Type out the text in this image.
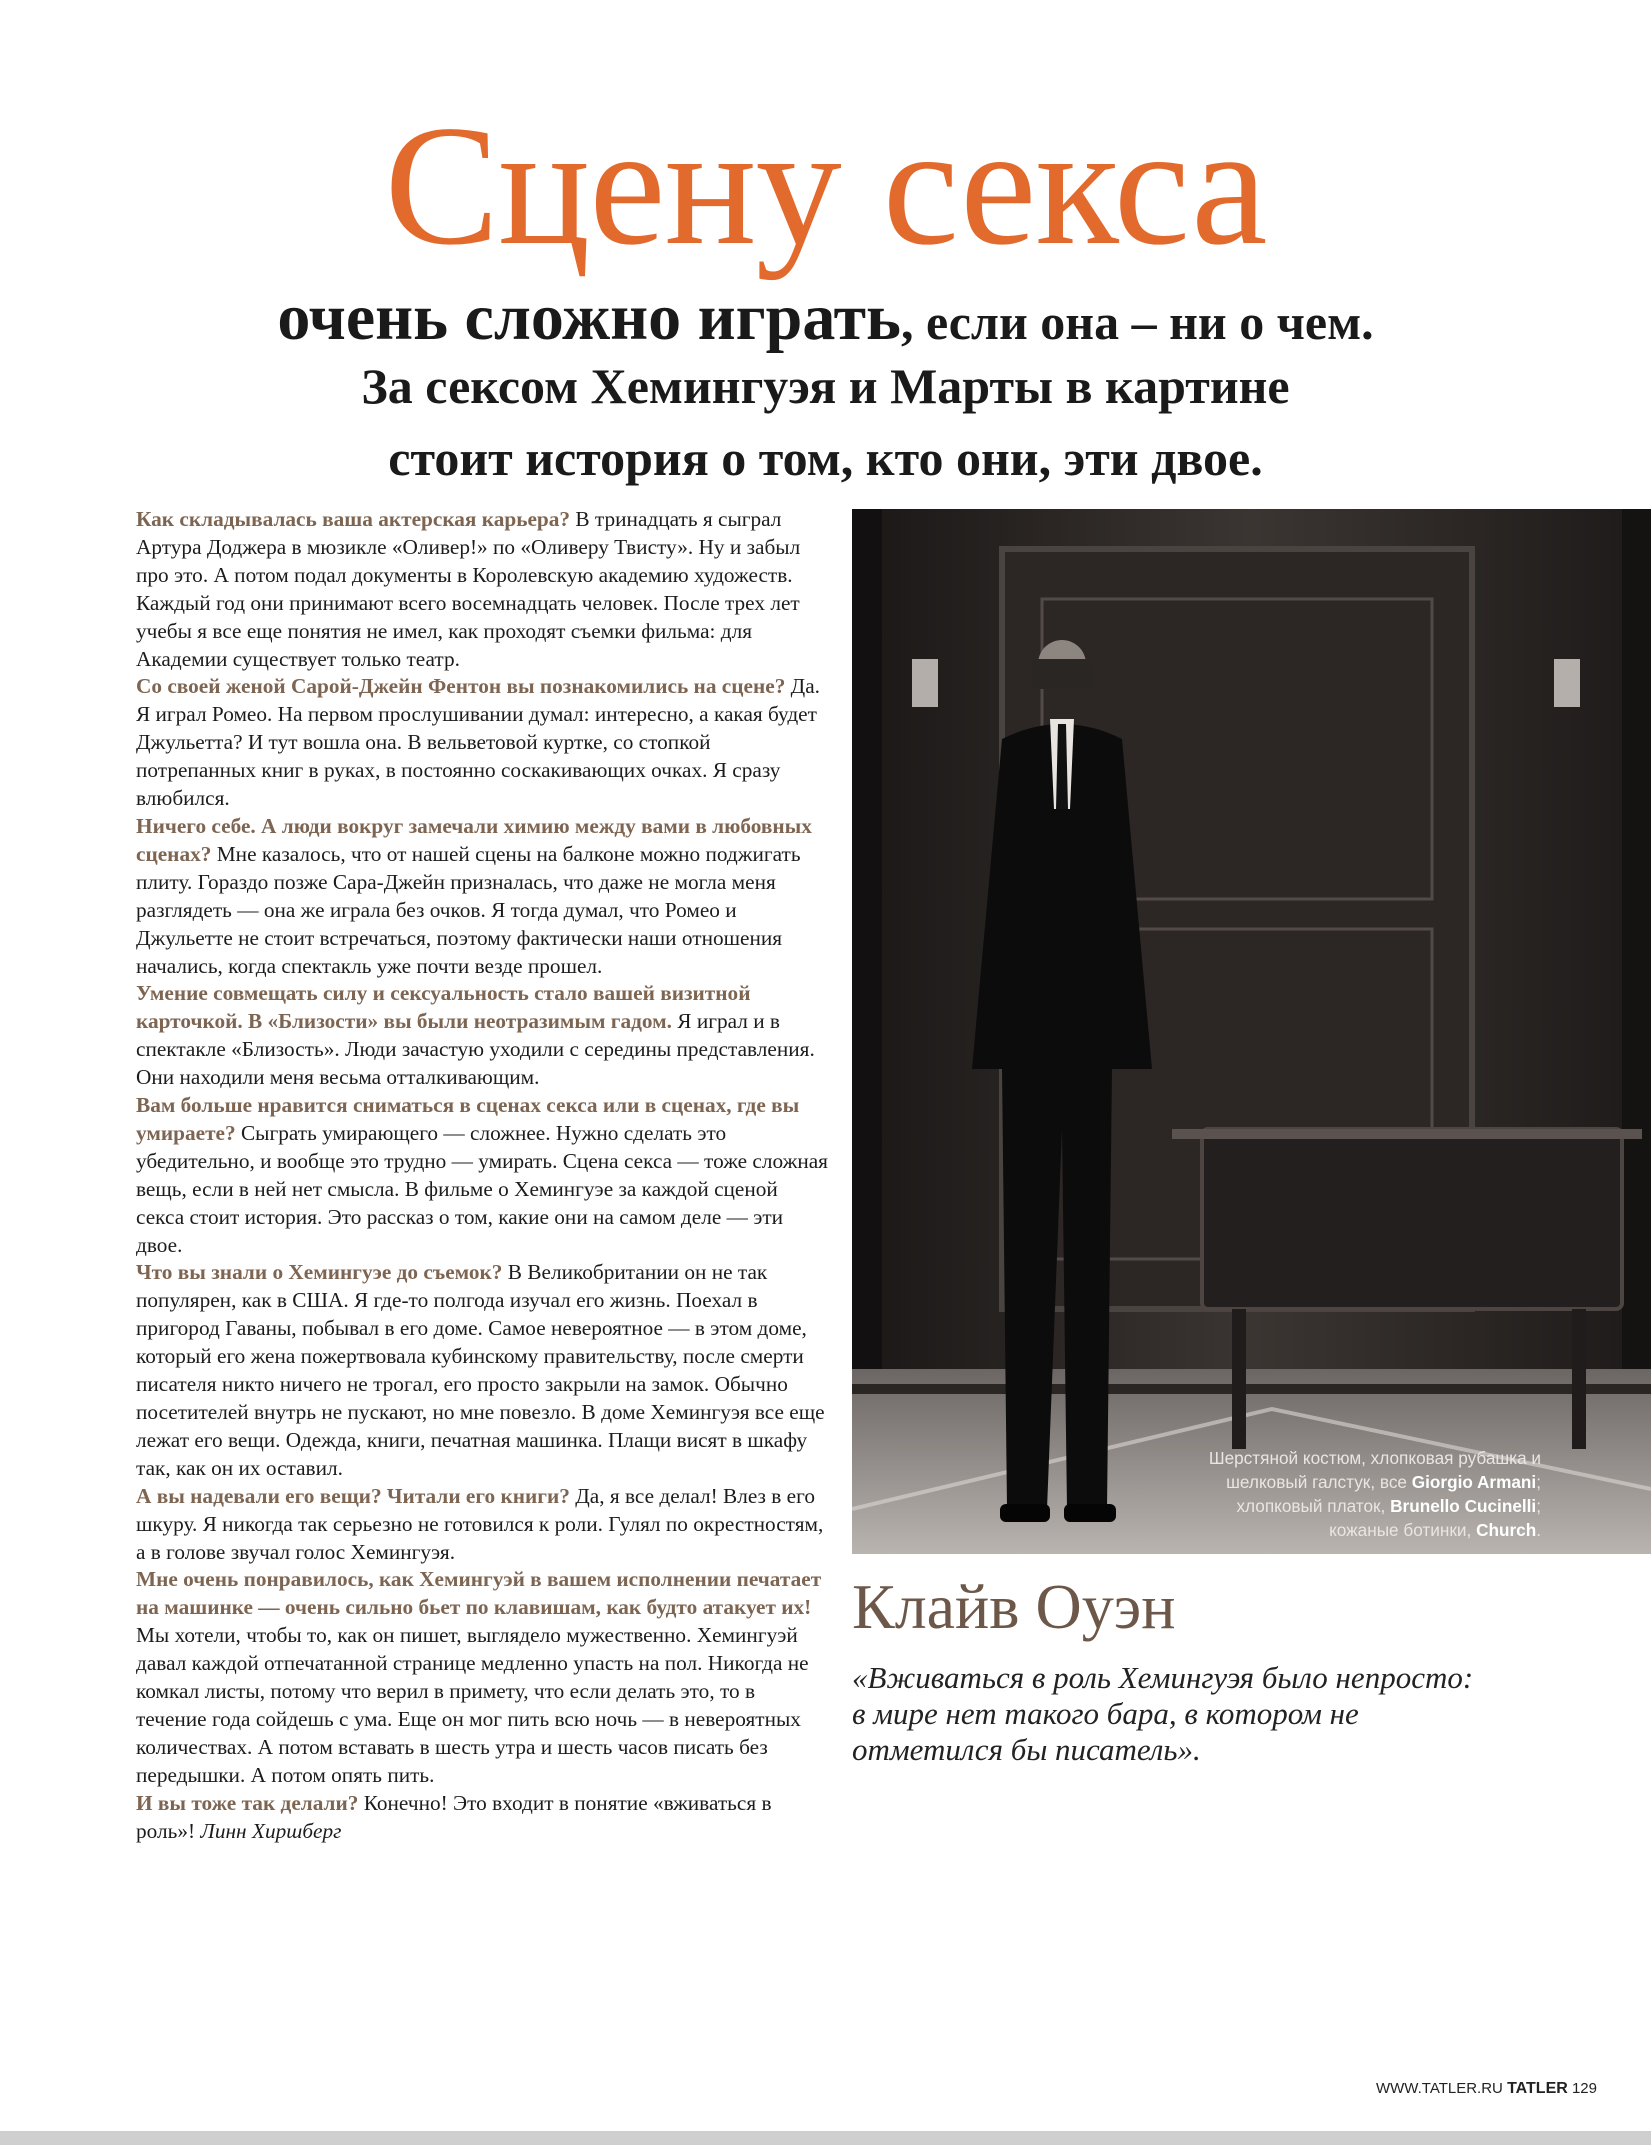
Сцену секса
очень сложно играть, если она – ни о чем.
За сексом Хемингуэя и Марты в картине
стоит история о том, кто они, эти двое.

Как складывалась ваша актерская карьера? В тринадцать я сыграл Артура Доджера в мюзикле «Оливер!» по «Оливеру Твисту». Ну и забыл про это. А потом подал документы в Королевскую академию художеств. Каждый год они принимают всего восемнадцать человек. После трех лет учебы я все еще понятия не имел, как проходят съемки фильма: для Академии существует только театр.

Со своей женой Сарой-Джейн Фентон вы познакомились на сцене? Да. Я играл Ромео. На первом прослушивании думал: интересно, а какая будет Джульетта? И тут вошла она. В вельветовой куртке, со стопкой потрепанных книг в руках, в постоянно соскакивающих очках. Я сразу влюбился.

Ничего себе. А люди вокруг замечали химию между вами в любовных сценах? Мне казалось, что от нашей сцены на балконе можно поджигать плиту. Гораздо позже Сара-Джейн призналась, что даже не могла меня разглядеть — она же играла без очков. Я тогда думал, что Ромео и Джульетте не стоит встречаться, поэтому фактически наши отношения начались, когда спектакль уже почти везде прошел.

Умение совмещать силу и сексуальность стало вашей визитной карточкой. В «Близости» вы были неотразимым гадом. Я играл и в спектакле «Близость». Люди зачастую уходили с середины представления. Они находили меня весьма отталкивающим.

Вам больше нравится сниматься в сценах секса или в сценах, где вы умираете? Сыграть умирающего — сложнее. Нужно сделать это убедительно, и вообще это трудно — умирать. Сцена секса — тоже сложная вещь, если в ней нет смысла. В фильме о Хемингуэе за каждой сценой секса стоит история. Это рассказ о том, какие они на самом деле — эти двое.

Что вы знали о Хемингуэе до съемок? В Великобритании он не так популярен, как в США. Я где-то полгода изучал его жизнь. Поехал в пригород Гаваны, побывал в его доме. Самое невероятное — в этом доме, который его жена пожертвовала кубинскому правительству, после смерти писателя никто ничего не трогал, его просто закрыли на замок. Обычно посетителей внутрь не пускают, но мне повезло. В доме Хемингуэя все еще лежат его вещи. Одежда, книги, печатная машинка. Плащи висят в шкафу так, как он их оставил.

А вы надевали его вещи? Читали его книги? Да, я все делал! Влез в его шкуру. Я никогда так серьезно не готовился к роли. Гулял по окрестностям, а в голове звучал голос Хемингуэя.

Мне очень понравилось, как Хемингуэй в вашем исполнении печатает на машинке — очень сильно бьет по клавишам, как будто атакует их! Мы хотели, чтобы то, как он пишет, выглядело мужественно. Хемингуэй давал каждой отпечатанной странице медленно упасть на пол. Никогда не комкал листы, потому что верил в примету, что если делать это, то в течение года сойдешь с ума. Еще он мог пить всю ночь — в невероятных количествах. А потом вставать в шесть утра и шесть часов писать без передышки. А потом опять пить.

И вы тоже так делали? Конечно! Это входит в понятие «вживаться в роль»! Линн Хиршберг

Шерстяной костюм, хлопковая рубашка и шелковый галстук, все Giorgio Armani; хлопковый платок, Brunello Cucinelli; кожаные ботинки, Church.
Клайв Оуэн
«Вживаться в роль Хемингуэя было непросто: в мире нет такого бара, в котором не отметился бы писатель».
WWW.TATLER.RU TATLER 129
